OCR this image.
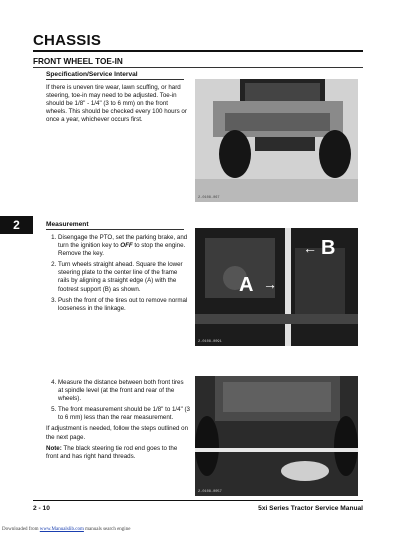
CHASSIS
FRONT WHEEL TOE-IN
2
Specification/Service Interval

If there is uneven tire wear, lawn scuffing, or hard steering, toe-in may need to be adjusted. Toe-in should be 1/8" - 1/4" (3 to 6 mm) on the front wheels. This should be checked every 100 hours or once a year, whichever occurs first.

2-0108-067
Measurement
1. Disengage the PTO, set the parking brake, and turn the ignition key to OFF to stop the engine. Remove the key.
2. Turn wheels straight ahead. Square the lower steering plate to the center line of the frame rails by aligning a straight edge (A) with the footrest support (B) as shown.
3. Push the front of the tires out to remove normal looseness in the linkage.
A →
← B
2-0108-0091
4. Measure the distance between both front tires at spindle level (at the front and rear of the wheels).
5. The front measurement should be 1/8" to 1/4" (3 to 6 mm) less than the rear measurement.

If adjustment is needed, follow the steps outlined on the next page.

Note: The black steering tie rod end goes to the front and has right hand threads.

2-0108-0057
2 - 10	5xi Series Tractor Service Manual
Downloaded from www.Manualslib.com manuals search engine
